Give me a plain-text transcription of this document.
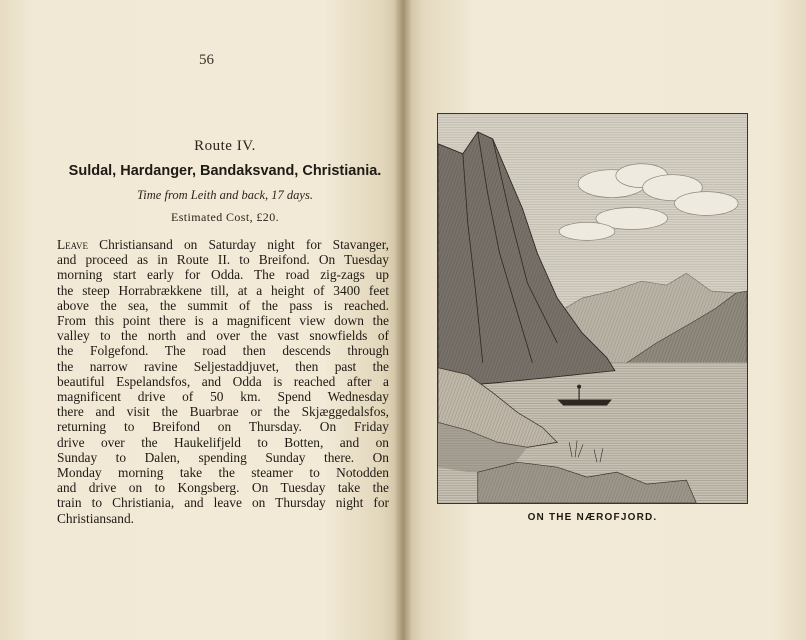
56
Route IV.
Suldal, Hardanger, Bandaksvand, Christiania.
Time from Leith and back, 17 days.
Estimated Cost, £20.
Leave Christiansand on Saturday night for Stavanger,
and proceed as in Route II. to Breifond. On Tuesday
morning start early for Odda. The road zig-zags up
the steep Horrabrækkene till, at a height of 3400 feet
above the sea, the summit of the pass is reached.
From this point there is a magnificent view down the
valley to the north and over the vast snowfields of
the Folgefond. The road then descends through
the narrow ravine Seljestaddjuvet, then past the
beautiful Espelandsfos, and Odda is reached after a
magnificent drive of 50 km. Spend Wednesday
there and visit the Buarbrae or the Skjæggedalsfos,
returning to Breifond on Thursday. On Friday
drive over the Haukelifjeld to Botten, and on
Sunday to Dalen, spending Sunday there. On
Monday morning take the steamer to Notodden
and drive on to Kongsberg. On Tuesday take the
train to Christiania, and leave on Thursday night for
Christiansand.	ON THE NÆROFJORD.
